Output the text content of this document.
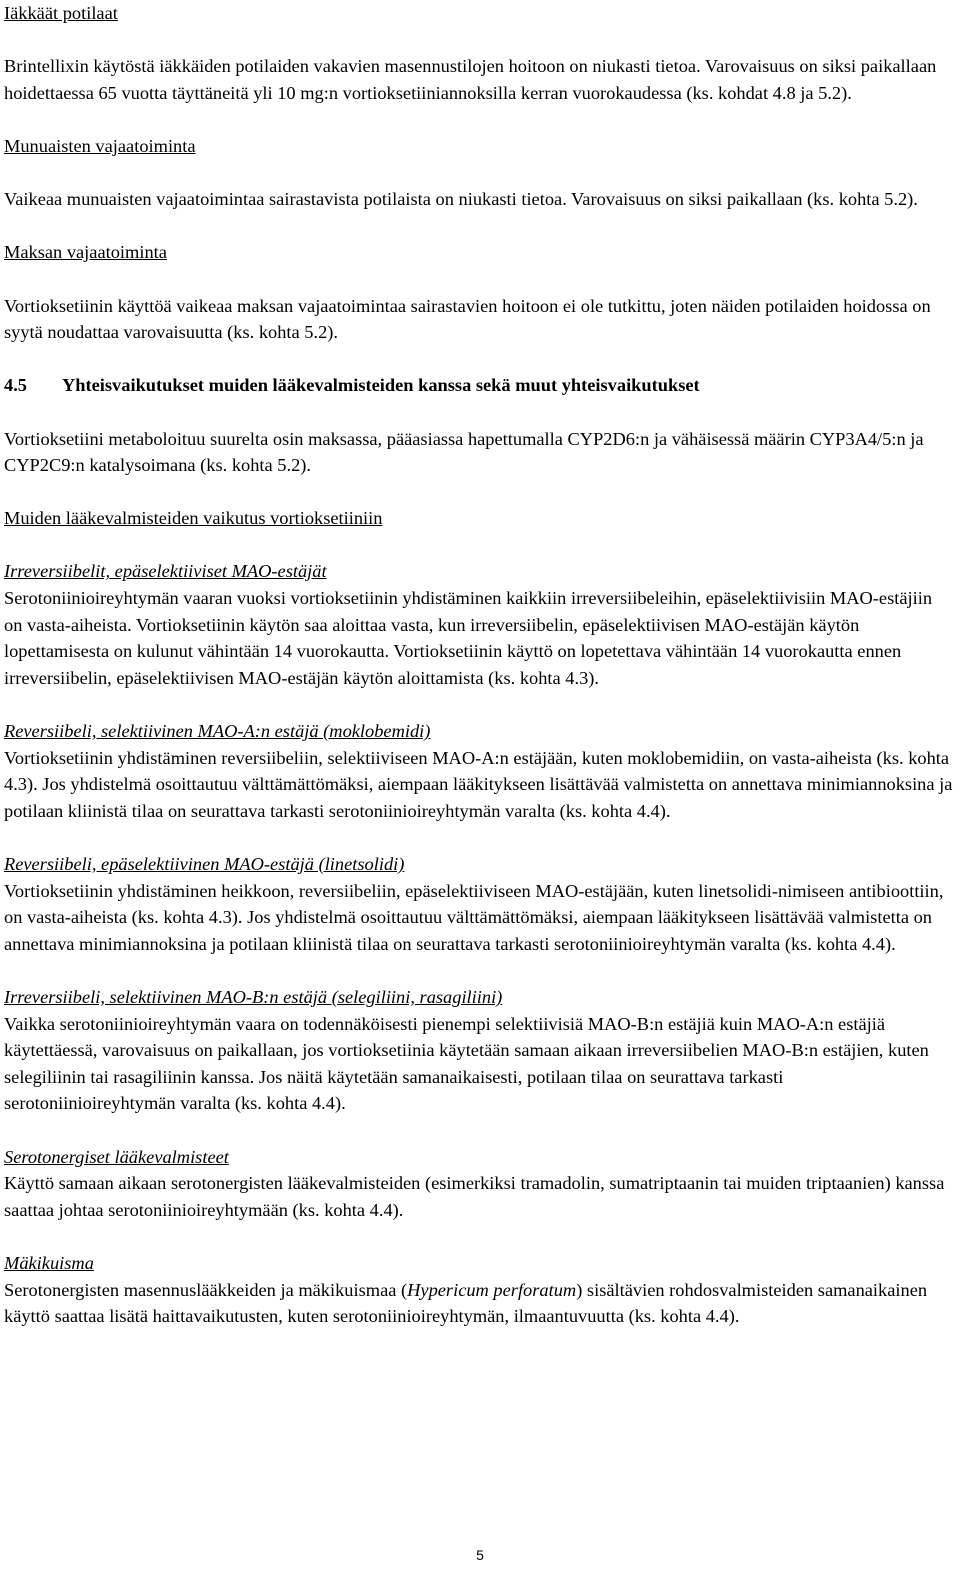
Iäkkäät potilaat

Brintellixin käytöstä iäkkäiden potilaiden vakavien masennustilojen hoitoon on niukasti tietoa. Varovaisuus on siksi paikallaan hoidettaessa 65 vuotta täyttäneitä yli 10 mg:n vortioksetiiniannoksilla kerran vuorokaudessa (ks. kohdat 4.8 ja 5.2).

Munuaisten vajaatoiminta

Vaikeaa munuaisten vajaatoimintaa sairastavista potilaista on niukasti tietoa. Varovaisuus on siksi paikallaan (ks. kohta 5.2).

Maksan vajaatoiminta

Vortioksetiinin käyttöä vaikeaa maksan vajaatoimintaa sairastavien hoitoon ei ole tutkittu, joten näiden potilaiden hoidossa on syytä noudattaa varovaisuutta (ks. kohta 5.2).

4.5	Yhteisvaikutukset muiden lääkevalmisteiden kanssa sekä muut yhteisvaikutukset

Vortioksetiini metaboloituu suurelta osin maksassa, pääasiassa hapettumalla CYP2D6:n ja vähäisessä määrin CYP3A4/5:n ja CYP2C9:n katalysoimana (ks. kohta 5.2).

Muiden lääkevalmisteiden vaikutus vortioksetiiniin

Irreversiibelit, epäselektiiviset MAO-estäjät

Serotoniinioireyhtymän vaaran vuoksi vortioksetiinin yhdistäminen kaikkiin irreversiibeleihin, epäselektiivisiin MAO-estäjiin on vasta-aiheista. Vortioksetiinin käytön saa aloittaa vasta, kun irreversiibelin, epäselektiivisen MAO-estäjän käytön lopettamisesta on kulunut vähintään 14 vuorokautta. Vortioksetiinin käyttö on lopetettava vähintään 14 vuorokautta ennen irreversiibelin, epäselektiivisen MAO-estäjän käytön aloittamista (ks. kohta 4.3).

Reversiibeli, selektiivinen MAO-A:n estäjä (moklobemidi)

Vortioksetiinin yhdistäminen reversiibeliin, selektiiviseen MAO-A:n estäjään, kuten moklobemidiin, on vasta-aiheista (ks. kohta 4.3). Jos yhdistelmä osoittautuu välttämättömäksi, aiempaan lääkitykseen lisättävää valmistetta on annettava minimiannoksina ja potilaan kliinistä tilaa on seurattava tarkasti serotoniinioireyhtymän varalta (ks. kohta 4.4).

Reversiibeli, epäselektiivinen MAO-estäjä (linetsolidi)

Vortioksetiinin yhdistäminen heikkoon, reversiibeliin, epäselektiiviseen MAO-estäjään, kuten linetsolidi-nimiseen antibioottiin, on vasta-aiheista (ks. kohta 4.3). Jos yhdistelmä osoittautuu välttämättömäksi, aiempaan lääkitykseen lisättävää valmistetta on annettava minimiannoksina ja potilaan kliinistä tilaa on seurattava tarkasti serotoniinioireyhtymän varalta (ks. kohta 4.4).

Irreversiibeli, selektiivinen MAO-B:n estäjä (selegiliini, rasagiliini)

Vaikka serotoniinioireyhtymän vaara on todennäköisesti pienempi selektiivisiä MAO-B:n estäjiä kuin MAO-A:n estäjiä käytettäessä, varovaisuus on paikallaan, jos vortioksetiinia käytetään samaan aikaan irreversiibelien MAO-B:n estäjien, kuten selegiliinin tai rasagiliinin kanssa. Jos näitä käytetään samanaikaisesti, potilaan tilaa on seurattava tarkasti serotoniinioireyhtymän varalta (ks. kohta 4.4).

Serotonergiset lääkevalmisteet

Käyttö samaan aikaan serotonergisten lääkevalmisteiden (esimerkiksi tramadolin, sumatriptaanin tai muiden triptaanien) kanssa saattaa johtaa serotoniinioireyhtymään (ks. kohta 4.4).

Mäkikuisma

Serotonergisten masennuslääkkeiden ja mäkikuismaa (Hypericum perforatum) sisältävien rohdosvalmisteiden samanaikainen käyttö saattaa lisätä haittavaikutusten, kuten serotoniinioireyhtymän, ilmaantuvuutta (ks. kohta 4.4).

5
